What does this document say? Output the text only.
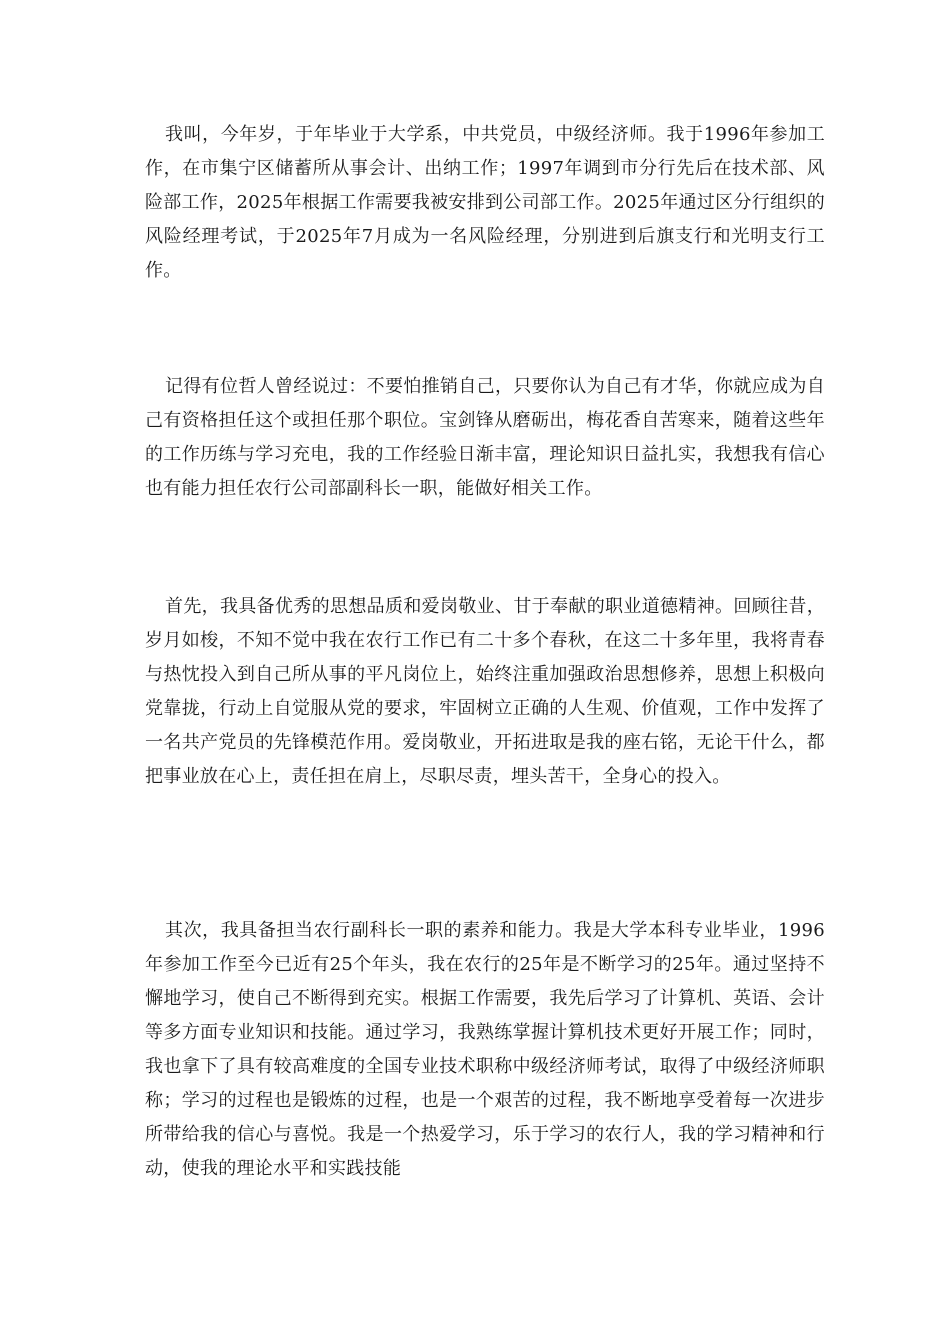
我叫，今年岁，于年毕业于大学系，中共党员，中级经济师。我于1996年参加工作，在市集宁区储蓄所从事会计、出纳工作；1997年调到市分行先后在技术部、风险部工作，2025年根据工作需要我被安排到公司部工作。2025年通过区分行组织的风险经理考试，于2025年7月成为一名风险经理，分别进到后旗支行和光明支行工作。

记得有位哲人曾经说过：不要怕推销自己，只要你认为自己有才华，你就应成为自己有资格担任这个或担任那个职位。宝剑锋从磨砺出，梅花香自苦寒来，随着这些年的工作历练与学习充电，我的工作经验日渐丰富，理论知识日益扎实，我想我有信心也有能力担任农行公司部副科长一职，能做好相关工作。

首先，我具备优秀的思想品质和爱岗敬业、甘于奉献的职业道德精神。回顾往昔，岁月如梭，不知不觉中我在农行工作已有二十多个春秋，在这二十多年里，我将青春与热忱投入到自己所从事的平凡岗位上，始终注重加强政治思想修养，思想上积极向党靠拢，行动上自觉服从党的要求，牢固树立正确的人生观、价值观，工作中发挥了一名共产党员的先锋模范作用。爱岗敬业，开拓进取是我的座右铭，无论干什么，都把事业放在心上，责任担在肩上，尽职尽责，埋头苦干，全身心的投入。

其次，我具备担当农行副科长一职的素养和能力。我是大学本科专业毕业，1996年参加工作至今已近有25个年头，我在农行的25年是不断学习的25年。通过坚持不懈地学习，使自己不断得到充实。根据工作需要，我先后学习了计算机、英语、会计等多方面专业知识和技能。通过学习，我熟练掌握计算机技术更好开展工作；同时，我也拿下了具有较高难度的全国专业技术职称中级经济师考试，取得了中级经济师职称；学习的过程也是锻炼的过程，也是一个艰苦的过程，我不断地享受着每一次进步所带给我的信心与喜悦。我是一个热爱学习，乐于学习的农行人，我的学习精神和行动，使我的理论水平和实践技能
